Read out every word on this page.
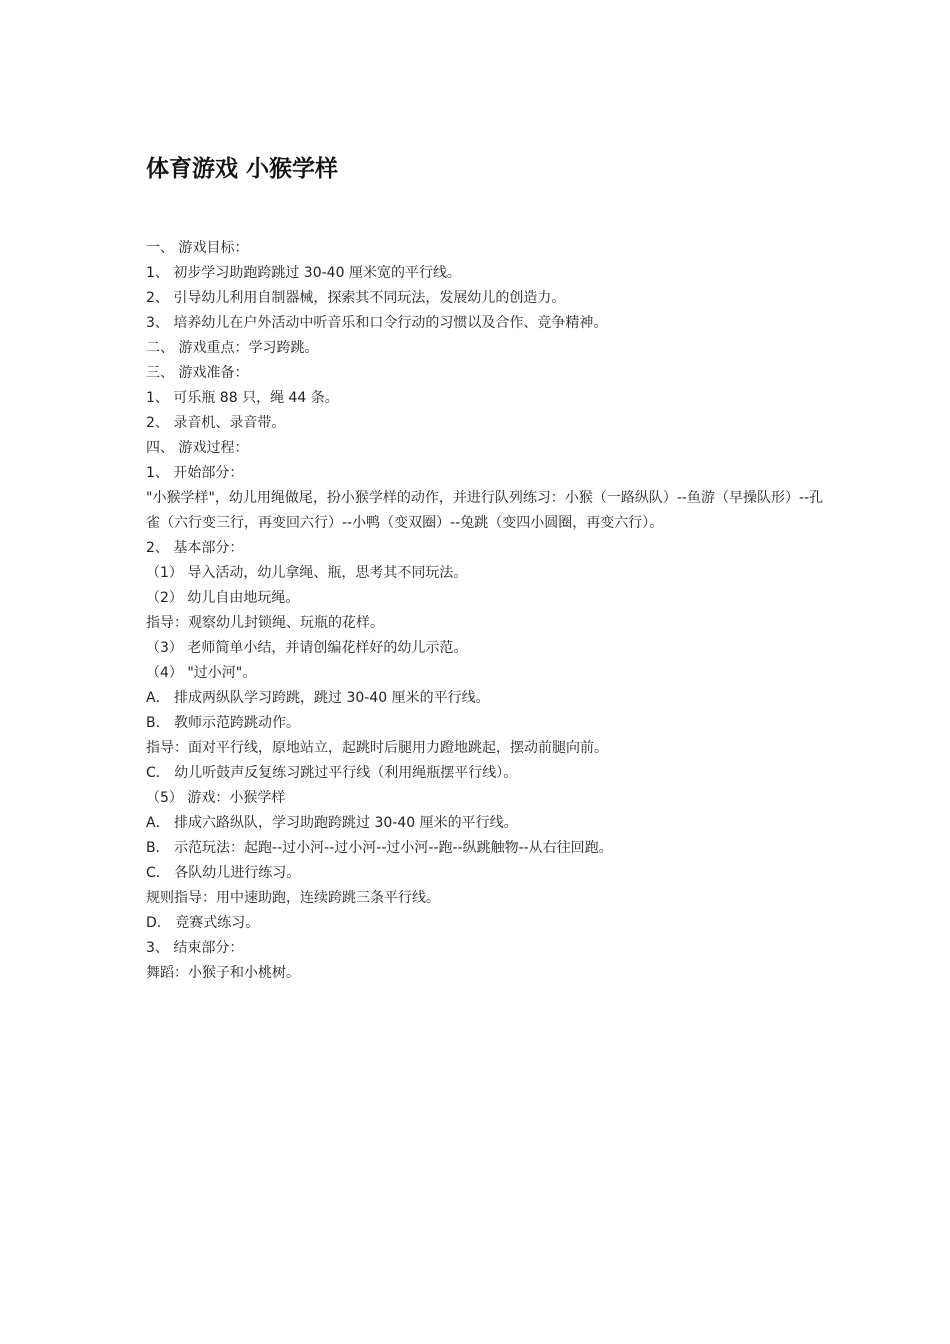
体育游戏 小猴学样

一、 游戏目标：

1、 初步学习助跑跨跳过 30-40 厘米宽的平行线。

2、 引导幼儿利用自制器械，探索其不同玩法，发展幼儿的创造力。

3、 培养幼儿在户外活动中听音乐和口令行动的习惯以及合作、竞争精神。

二、 游戏重点：学习跨跳。

三、 游戏准备：

1、 可乐瓶 88 只，绳 44 条。

2、 录音机、录音带。

四、 游戏过程：

1、 开始部分：

"小猴学样"，幼儿用绳做尾，扮小猴学样的动作，并进行队列练习：小猴（一路纵队）--鱼游（早操队形）--孔雀（六行变三行，再变回六行）--小鸭（变双圈）--兔跳（变四小圆圈，再变六行）。

2、 基本部分：

（1） 导入活动，幼儿拿绳、瓶，思考其不同玩法。

（2） 幼儿自由地玩绳。

指导：观察幼儿封锁绳、玩瓶的花样。

（3） 老师简单小结，并请创编花样好的幼儿示范。

（4） "过小河"。

A． 排成两纵队学习跨跳，跳过 30-40 厘米的平行线。

B． 教师示范跨跳动作。

指导：面对平行线，原地站立，起跳时后腿用力蹬地跳起，摆动前腿向前。

C． 幼儿听鼓声反复练习跳过平行线（利用绳瓶摆平行线）。

（5） 游戏：小猴学样

A． 排成六路纵队，学习助跑跨跳过 30-40 厘米的平行线。

B． 示范玩法：起跑--过小河--过小河--过小河--跑--纵跳触物--从右往回跑。

C． 各队幼儿进行练习。

规则指导：用中速助跑，连续跨跳三条平行线。

D． 竞赛式练习。

3、 结束部分：

舞蹈：小猴子和小桃树。
